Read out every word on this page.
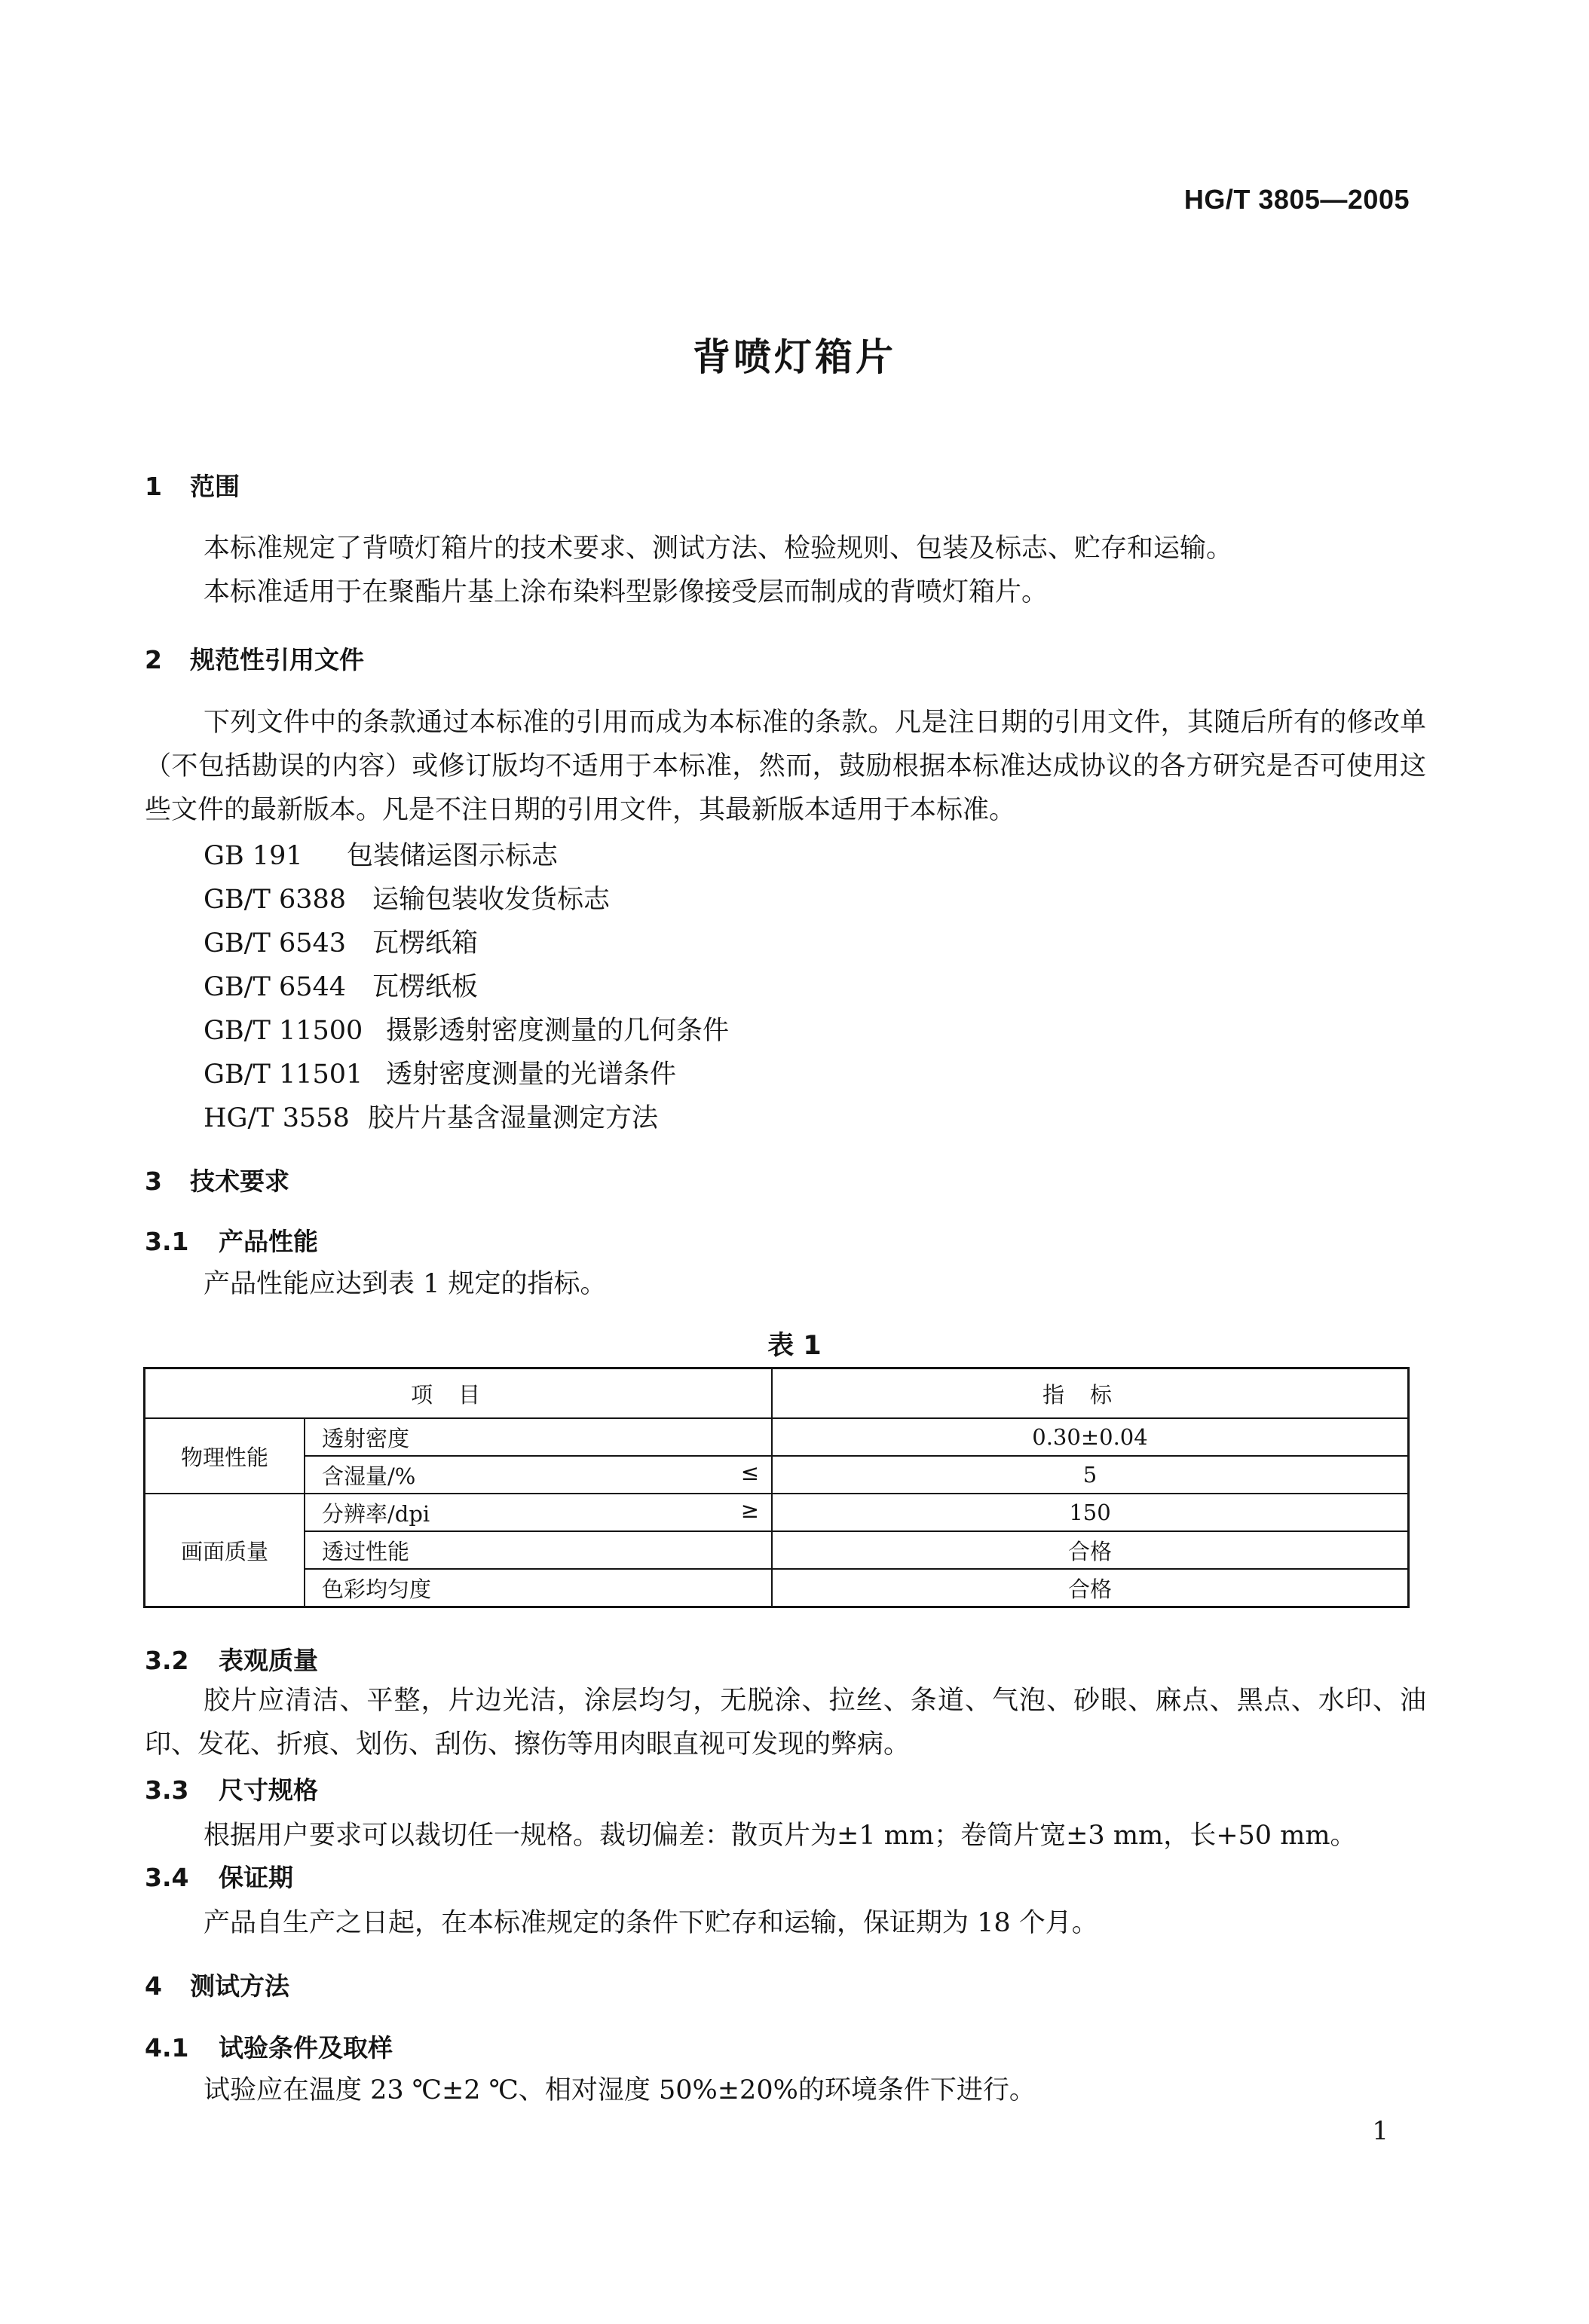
HG/T 3805—2005
背喷灯箱片
1 范围
本标准规定了背喷灯箱片的技术要求、测试方法、检验规则、包装及标志、贮存和运输。
本标准适用于在聚酯片基上涂布染料型影像接受层而制成的背喷灯箱片。
2 规范性引用文件
下列文件中的条款通过本标准的引用而成为本标准的条款。凡是注日期的引用文件，其随后所有的修改单（不包括勘误的内容）或修订版均不适用于本标准，然而，鼓励根据本标准达成协议的各方研究是否可使用这些文件的最新版本。凡是不注日期的引用文件，其最新版本适用于本标准。
GB 191 包装储运图示标志
GB/T 6388 运输包装收发货标志
GB/T 6543 瓦楞纸箱
GB/T 6544 瓦楞纸板
GB/T 11500 摄影透射密度测量的几何条件
GB/T 11501 透射密度测量的光谱条件
HG/T 3558 胶片片基含湿量测定方法
3 技术要求
3.1 产品性能
产品性能应达到表 1 规定的指标。
表 1
项目		指标
物理性能	透射密度	0.30±0.04
	含湿量/% ≤	5
画面质量	分辨率/dpi ≥	150
	透过性能	合格
	色彩均匀度	合格
3.2 表观质量
胶片应清洁、平整，片边光洁，涂层均匀，无脱涂、拉丝、条道、气泡、砂眼、麻点、黑点、水印、油印、发花、折痕、划伤、刮伤、擦伤等用肉眼直视可发现的弊病。
3.3 尺寸规格
根据用户要求可以裁切任一规格。裁切偏差：散页片为±1 mm；卷筒片宽±3 mm，长+50 mm。
3.4 保证期
产品自生产之日起，在本标准规定的条件下贮存和运输，保证期为 18 个月。
4 测试方法
4.1 试验条件及取样
试验应在温度 23 ℃±2 ℃、相对湿度 50%±20%的环境条件下进行。
1
